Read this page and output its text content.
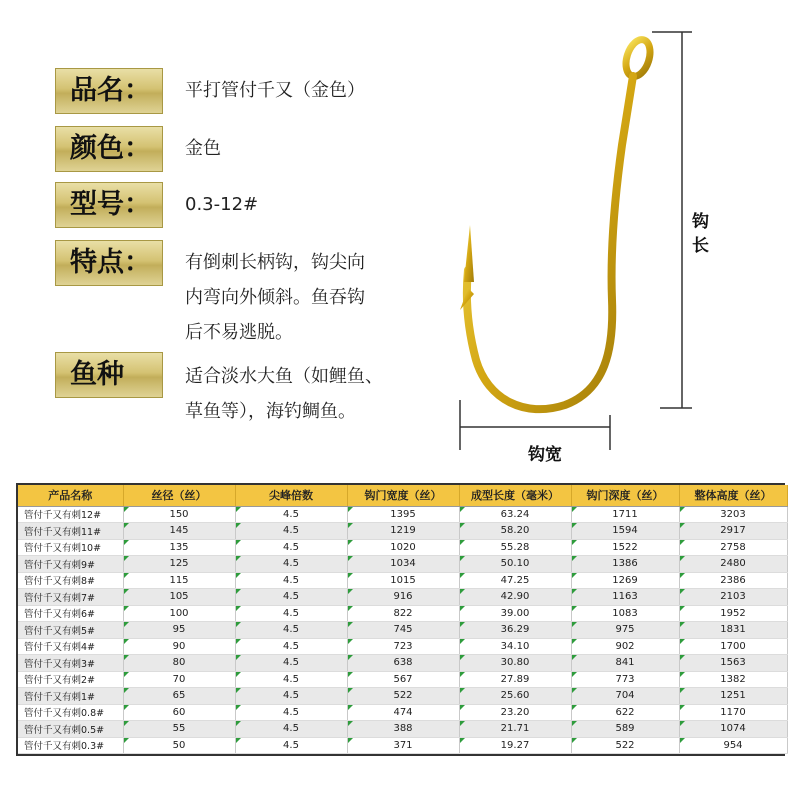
品名：	平打管付千又（金色）
颜色：	金色
型号：	0.3-12#
特点：	有倒刺长柄钩，钩尖向
内弯向外倾斜。鱼吞钩
后不易逃脱。
鱼种	适合淡水大鱼（如鲤鱼、
草鱼等），海钓鲷鱼。
钩
长
钩宽
产品名称	丝径（丝）	尖峰倍数	钩门宽度（丝）	成型长度（毫米）	钩门深度（丝）	整体高度（丝）
管付千又有刺12#	150	4.5	1395	63.24	1711	3203
管付千又有刺11#	145	4.5	1219	58.20	1594	2917
管付千又有刺10#	135	4.5	1020	55.28	1522	2758
管付千又有刺9#	125	4.5	1034	50.10	1386	2480
管付千又有刺8#	115	4.5	1015	47.25	1269	2386
管付千又有刺7#	105	4.5	916	42.90	1163	2103
管付千又有刺6#	100	4.5	822	39.00	1083	1952
管付千又有刺5#	95	4.5	745	36.29	975	1831
管付千又有刺4#	90	4.5	723	34.10	902	1700
管付千又有刺3#	80	4.5	638	30.80	841	1563
管付千又有刺2#	70	4.5	567	27.89	773	1382
管付千又有刺1#	65	4.5	522	25.60	704	1251
管付千又有刺0.8#	60	4.5	474	23.20	622	1170
管付千又有刺0.5#	55	4.5	388	21.71	589	1074
管付千又有刺0.3#	50	4.5	371	19.27	522	954
